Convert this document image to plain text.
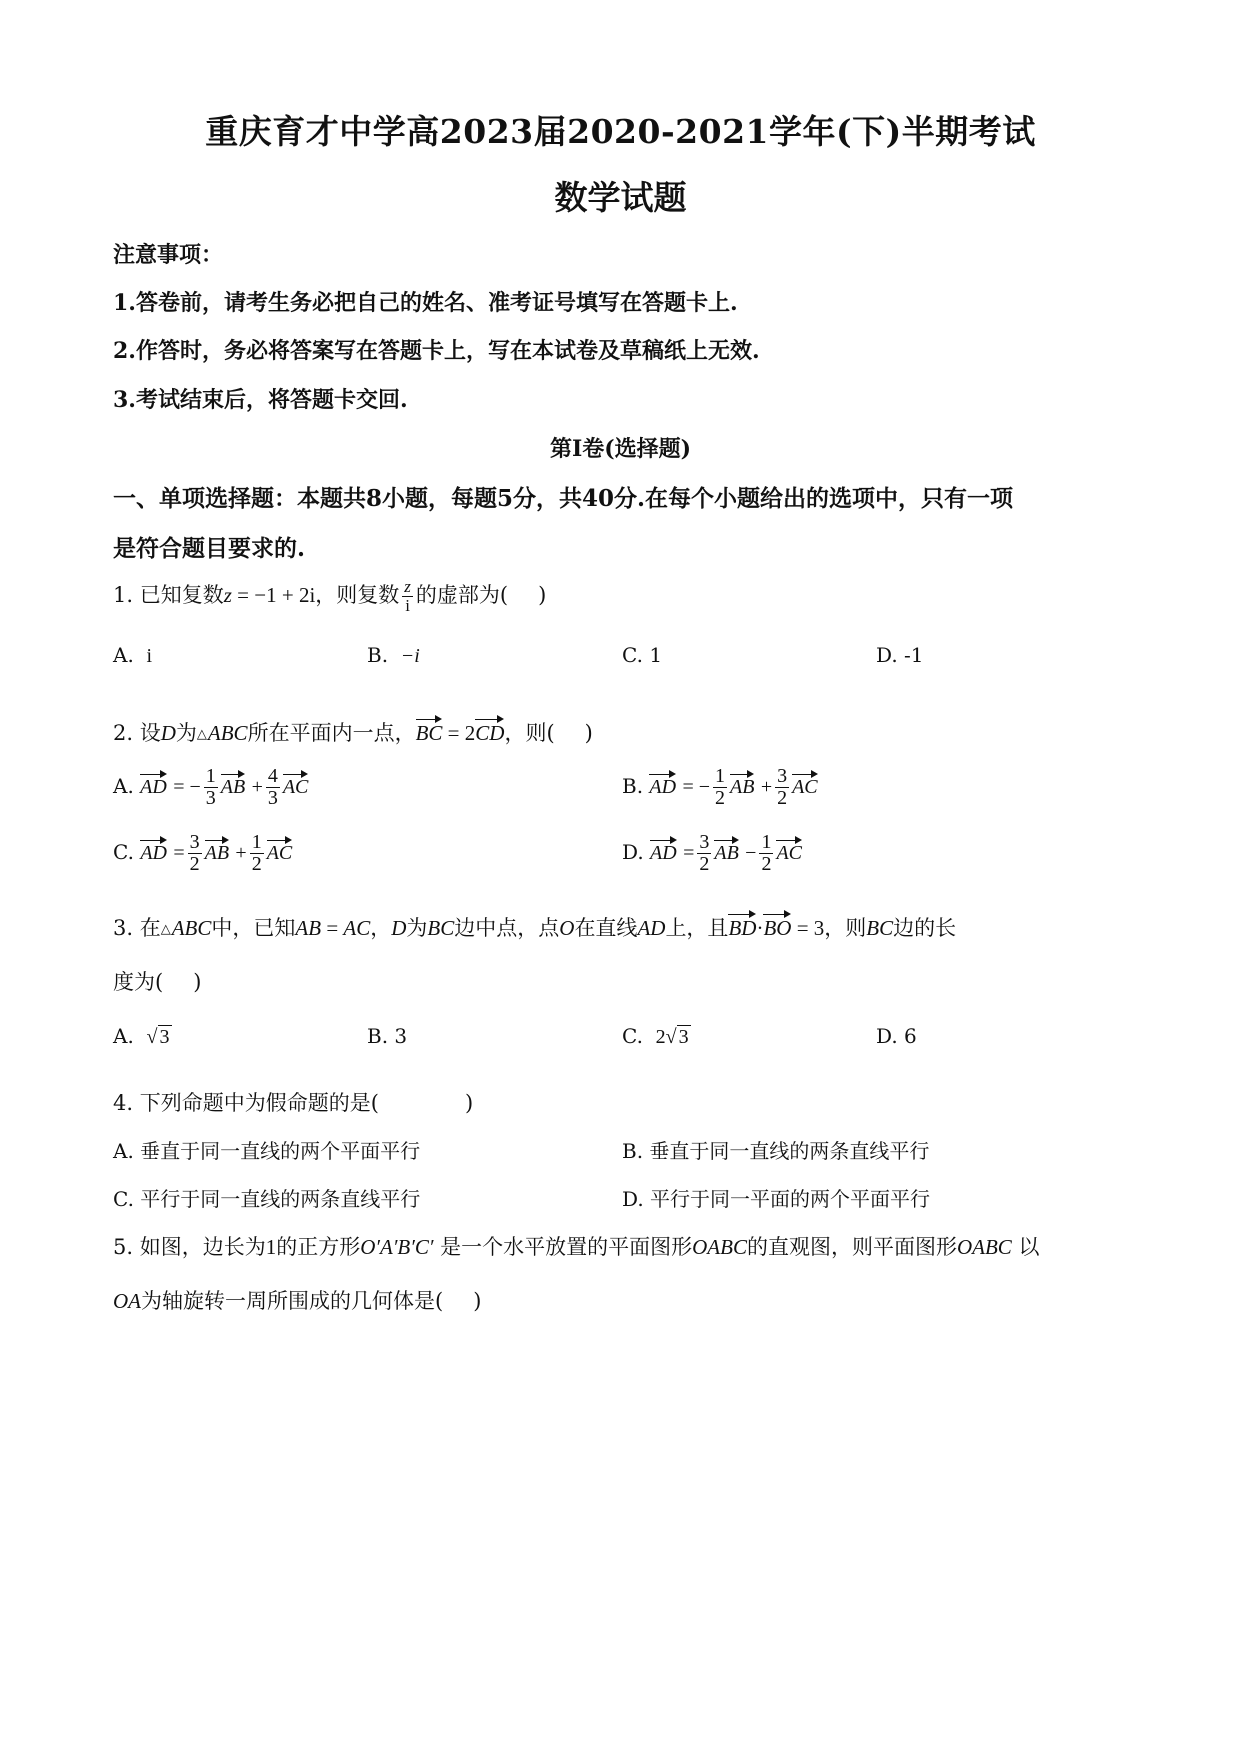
重庆育才中学高2023届2020-2021学年(下)半期考试
数学试题
注意事项：
1.答卷前，请考生务必把自己的姓名、准考证号填写在答题卡上.
2.作答时，务必将答案写在答题卡上，写在本试卷及草稿纸上无效.
3.考试结束后，将答题卡交回.
第Ⅰ卷(选择题)
一、单项选择题：本题共8小题，每题5分，共40分.在每个小题给出的选项中，只有一项
是符合题目要求的.
1. 已知复数z = −1 + 2i，则复数 $\frac{z}{i}$ 的虚部为( )
A. i	B. −i	C. 1	D. -1
2. 设D为△ABC所在平面内一点，BC = 2CD，则( )
A. AD = − $\frac{1}{3}$ AB + $\frac{4}{3}$ AC	B. AD = − $\frac{1}{2}$ AB + $\frac{3}{2}$ AC
C. AD = $\frac{3}{2}$ AB + $\frac{1}{2}$ AC	D. AD = $\frac{3}{2}$ AB − $\frac{1}{2}$ AC
3. 在△ABC中，已知AB = AC，D为BC边中点，点O在直线AD上，且BD·BO = 3，则BC边的长
度为( )
A. √ 3	B. 3	C. 2√ 3	D. 6
4. 下列命题中为假命题的是(	)
A. 垂直于同一直线的两个平面平行	B. 垂直于同一直线的两条直线平行
C. 平行于同一直线的两条直线平行	D. 平行于同一平面的两个平面平行
5. 如图，边长为1的正方形O′A′B′C′ 是一个水平放置的平面图形OABC的直观图，则平面图形OABC 以
OA为轴旋转一周所围成的几何体是( )
